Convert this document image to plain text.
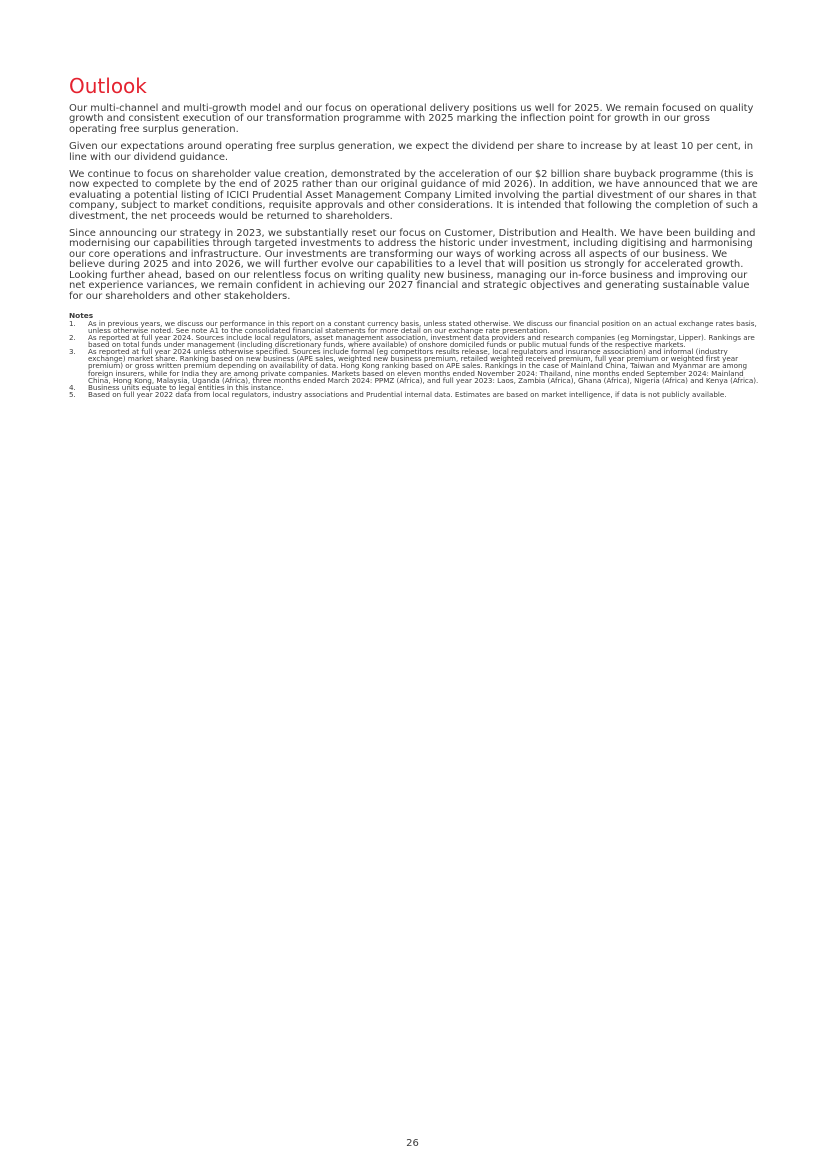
Outlook

Our multi-channel and multi-growth model and our focus on operational delivery positions us well for 2025. We remain focused on quality growth and consistent execution of our transformation programme with 2025 marking the inflection point for growth in our gross operating free surplus generation.

Given our expectations around operating free surplus generation, we expect the dividend per share to increase by at least 10 per cent, in line with our dividend guidance.

We continue to focus on shareholder value creation, demonstrated by the acceleration of our $2 billion share buyback programme (this is now expected to complete by the end of 2025 rather than our original guidance of mid 2026). In addition, we have announced that we are evaluating a potential listing of ICICI Prudential Asset Management Company Limited involving the partial divestment of our shares in that company, subject to market conditions, requisite approvals and other considerations. It is intended that following the completion of such a divestment, the net proceeds would be returned to shareholders.

Since announcing our strategy in 2023, we substantially reset our focus on Customer, Distribution and Health. We have been building and modernising our capabilities through targeted investments to address the historic under investment, including digitising and harmonising our core operations and infrastructure. Our investments are transforming our ways of working across all aspects of our business. We believe during 2025 and into 2026, we will further evolve our capabilities to a level that will position us strongly for accelerated growth. Looking further ahead, based on our relentless focus on writing quality new business, managing our in-force business and improving our net experience variances, we remain confident in achieving our 2027 financial and strategic objectives and generating sustainable value for our shareholders and other stakeholders.

Notes
1. As in previous years, we discuss our performance in this report on a constant currency basis, unless stated otherwise. We discuss our financial position on an actual exchange rates basis, unless otherwise noted. See note A1 to the consolidated financial statements for more detail on our exchange rate presentation.
2. As reported at full year 2024. Sources include local regulators, asset management association, investment data providers and research companies (eg Morningstar, Lipper). Rankings are based on total funds under management (including discretionary funds, where available) of onshore domiciled funds or public mutual funds of the respective markets.
3. As reported at full year 2024 unless otherwise specified. Sources include formal (eg competitors results release, local regulators and insurance association) and informal (industry exchange) market share. Ranking based on new business (APE sales, weighted new business premium, retailed weighted received premium, full year premium or weighted first year premium) or gross written premium depending on availability of data. Hong Kong ranking based on APE sales. Rankings in the case of Mainland China, Taiwan and Myanmar are among foreign insurers, while for India they are among private companies. Markets based on eleven months ended November 2024: Thailand, nine months ended September 2024: Mainland China, Hong Kong, Malaysia, Uganda (Africa), three months ended March 2024: PPMZ (Africa), and full year 2023: Laos, Zambia (Africa), Ghana (Africa), Nigeria (Africa) and Kenya (Africa).
4. Business units equate to legal entities in this instance.
5. Based on full year 2022 data from local regulators, industry associations and Prudential internal data. Estimates are based on market intelligence, if data is not publicly available.
26
